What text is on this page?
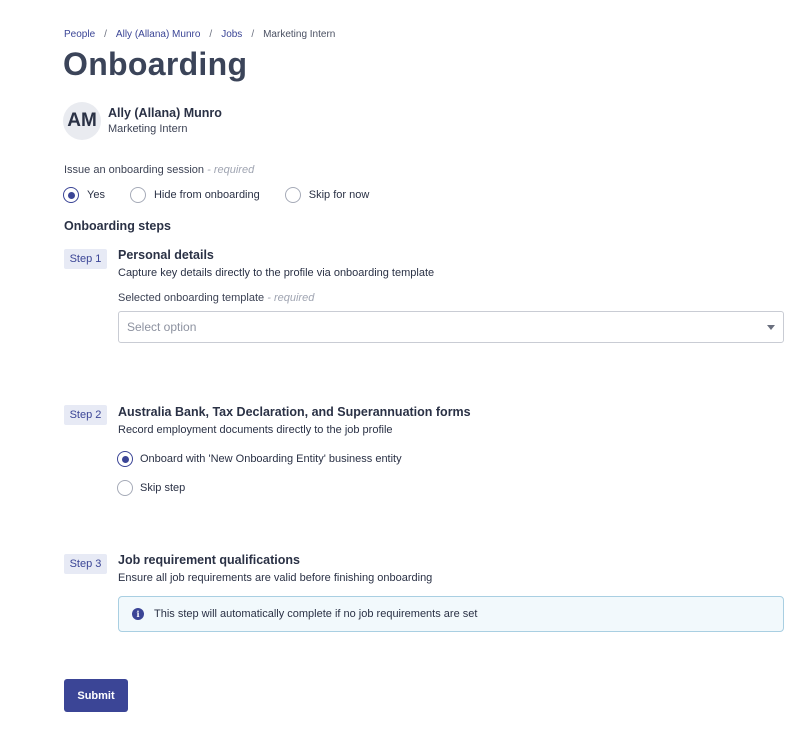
People / Ally (Allana) Munro / Jobs / Marketing Intern
Onboarding
AM Ally (Allana) Munro
Marketing Intern
Issue an onboarding session - required
Yes	Hide from onboarding	Skip for now
Onboarding steps
Step 1	Personal details
Capture key details directly to the profile via onboarding template
Selected onboarding template - required
Select option
Step 2	Australia Bank, Tax Declaration, and Superannuation forms
Record employment documents directly to the job profile
Onboard with 'New Onboarding Entity' business entity
Skip step
Step 3	Job requirement qualifications
Ensure all job requirements are valid before finishing onboarding
i	This step will automatically complete if no job requirements are set
Submit
